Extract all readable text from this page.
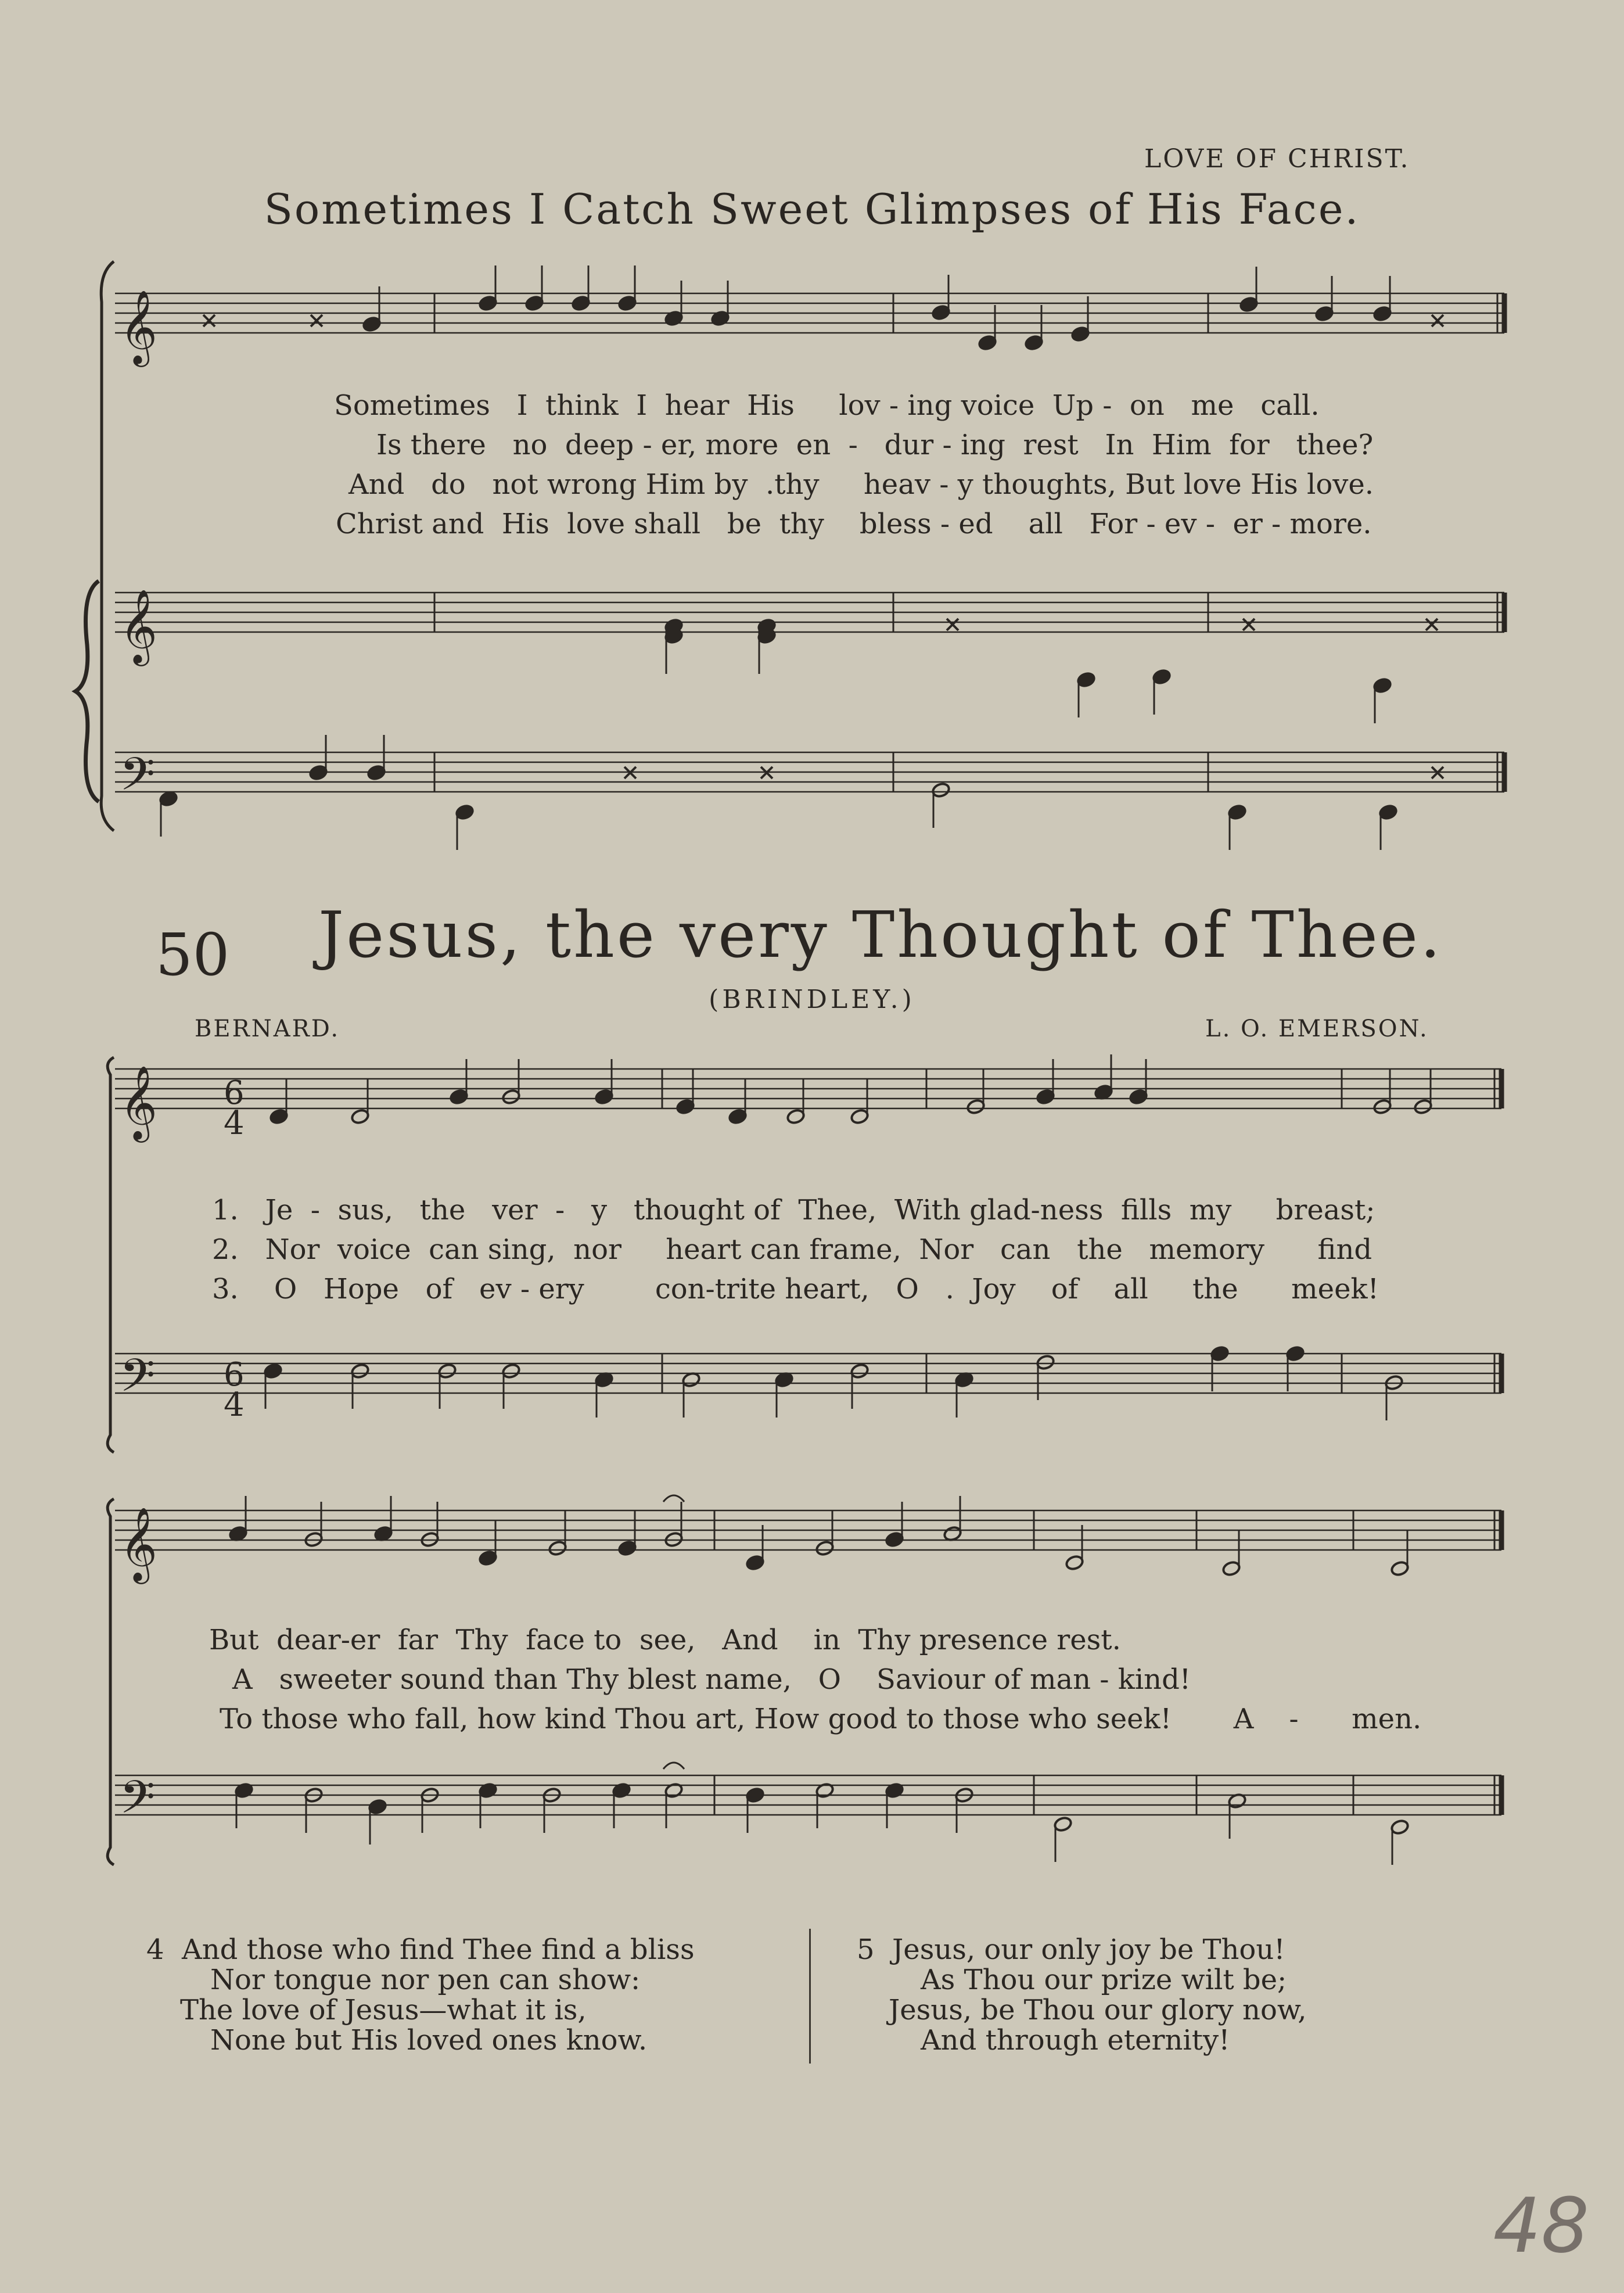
𝄞
𝄞
𝄢
𝄞
𝄢
6
4
6
4
𝄞
𝄢
LOVE OF CHRIST.
Sometimes I Catch Sweet Glimpses of His Face.
Sometimes   I  think  I  hear  His     lov - ing voice  Up -  on   me   call.
Is there   no  deep - er, more  en  -   dur - ing  rest   In  Him  for   thee?
And   do   not wrong Him by  .thy     heav - y thoughts, But love His love.
Christ and  His  love shall   be  thy    bless - ed    all   For - ev -  er - more.
50 Jesus, the very Thought of Thee.
(BRINDLEY.)
BERNARD.	L. O. EMERSON.
1.   Je  -  sus,   the   ver  -   y   thought of  Thee,  With glad-ness  fills  my     breast;
2.   Nor  voice  can sing,  nor     heart can frame,  Nor   can   the   memory      find
3.    O   Hope   of   ev - ery        con-trite heart,   O   .  Joy    of    all     the      meek!
But  dear-er  far  Thy  face to  see,   And    in  Thy presence rest.
A   sweeter sound than Thy blest name,   O    Saviour of man - kind!
To those who fall, how kind Thou art, How good to those who seek!       A    -      men.
4  And those who find Thee find a bliss
Nor tongue nor pen can show:
The love of Jesus—what it is,
None but His loved ones know.
5  Jesus, our only joy be Thou!
As Thou our prize wilt be;
Jesus, be Thou our glory now,
And through eternity!
48
